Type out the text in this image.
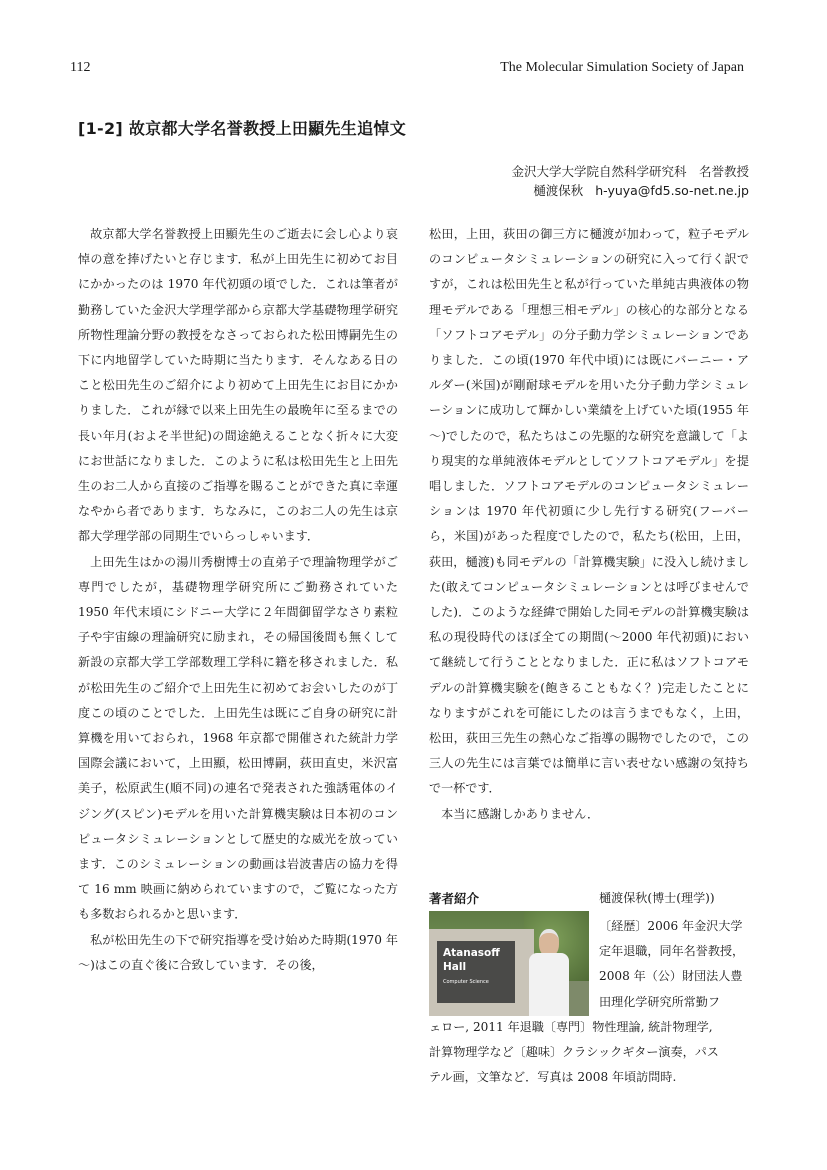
112	The Molecular Simulation Society of Japan
[1-2] 故京都大学名誉教授上田顯先生追悼文
金沢大学大学院自然科学研究科　名誉教授
樋渡保秋 h-yuya@fd5.so-net.ne.jp

故京都大学名誉教授上田顯先生のご逝去に会し心より哀悼の意を捧げたいと存じます．私が上田先生に初めてお目にかかったのは 1970 年代初頭の頃でした．これは筆者が勤務していた金沢大学理学部から京都大学基礎物理学研究所物性理論分野の教授をなさっておられた松田博嗣先生の下に内地留学していた時期に当たります．そんなある日のこと松田先生のご紹介により初めて上田先生にお目にかかりました．これが縁で以来上田先生の最晩年に至るまでの長い年月(およそ半世紀)の間途絶えることなく折々に大変にお世話になりました．このように私は松田先生と上田先生のお二人から直接のご指導を賜ることができた真に幸運なやから者であります．ちなみに，このお二人の先生は京都大学理学部の同期生でいらっしゃいます．

上田先生はかの湯川秀樹博士の直弟子で理論物理学がご専門でしたが，基礎物理学研究所にご勤務されていた 1950 年代末頃にシドニー大学に２年間御留学なさり素粒子や宇宙線の理論研究に励まれ，その帰国後間も無くして新設の京都大学工学部数理工学科に籍を移されました．私が松田先生のご紹介で上田先生に初めてお会いしたのが丁度この頃のことでした．上田先生は既にご自身の研究に計算機を用いておられ，1968 年京都で開催された統計力学国際会議において，上田顯，松田博嗣，荻田直史，米沢富美子，松原武生(順不同)の連名で発表された強誘電体のイジング(スピン)モデルを用いた計算機実験は日本初のコンピュータシミュレーションとして歴史的な威光を放っています．このシミュレーションの動画は岩波書店の協力を得て 16 mm 映画に納められていますので，ご覧になった方も多数おられるかと思います．

私が松田先生の下で研究指導を受け始めた時期(1970 年～)はこの直ぐ後に合致しています．その後，

松田，上田，荻田の御三方に樋渡が加わって，粒子モデルのコンピュータシミュレーションの研究に入って行く訳ですが，これは松田先生と私が行っていた単純古典液体の物理モデルである「理想三相モデル」の核心的な部分となる「ソフトコアモデル」の分子動力学シミュレーションでありました．この頃(1970 年代中頃)には既にバーニー・アルダー(米国)が剛耐球モデルを用いた分子動力学シミュレーションに成功して輝かしい業績を上げていた頃(1955 年～)でしたので，私たちはこの先駆的な研究を意識して「より現実的な単純液体モデルとしてソフトコアモデル」を提唱しました．ソフトコアモデルのコンピュータシミュレーションは 1970 年代初頭に少し先行する研究(フーバーら，米国)があった程度でしたので，私たち(松田，上田，荻田，樋渡)も同モデルの「計算機実験」に没入し続けました(敢えてコンピュータシミュレーションとは呼びませんでした)．このような経緯で開始した同モデルの計算機実験は私の現役時代のほぼ全ての期間(～2000 年代初頭)において継続して行うこととなりました．正に私はソフトコアモデルの計算機実験を(飽きることもなく？)完走したことになりますがこれを可能にしたのは言うまでもなく，上田，松田，荻田三先生の熱心なご指導の賜物でしたので，この三人の先生には言葉では簡単に言い表せない感謝の気持ちで一杯です．

本当に感謝しかありません．

著者紹介	樋渡保秋(博士(理学))
Atanasoff
Hall
Computer Science
〔経歴〕2006 年金沢大学
定年退職，同年名誉教授，
2008 年（公）財団法人豊
田理化学研究所常勤フ
ェロー, 2011 年退職〔専門〕物性理論, 統計物理学,
計算物理学など〔趣味〕クラシックギター演奏，パス
テル画，文筆など．写真は 2008 年頃訪問時.
